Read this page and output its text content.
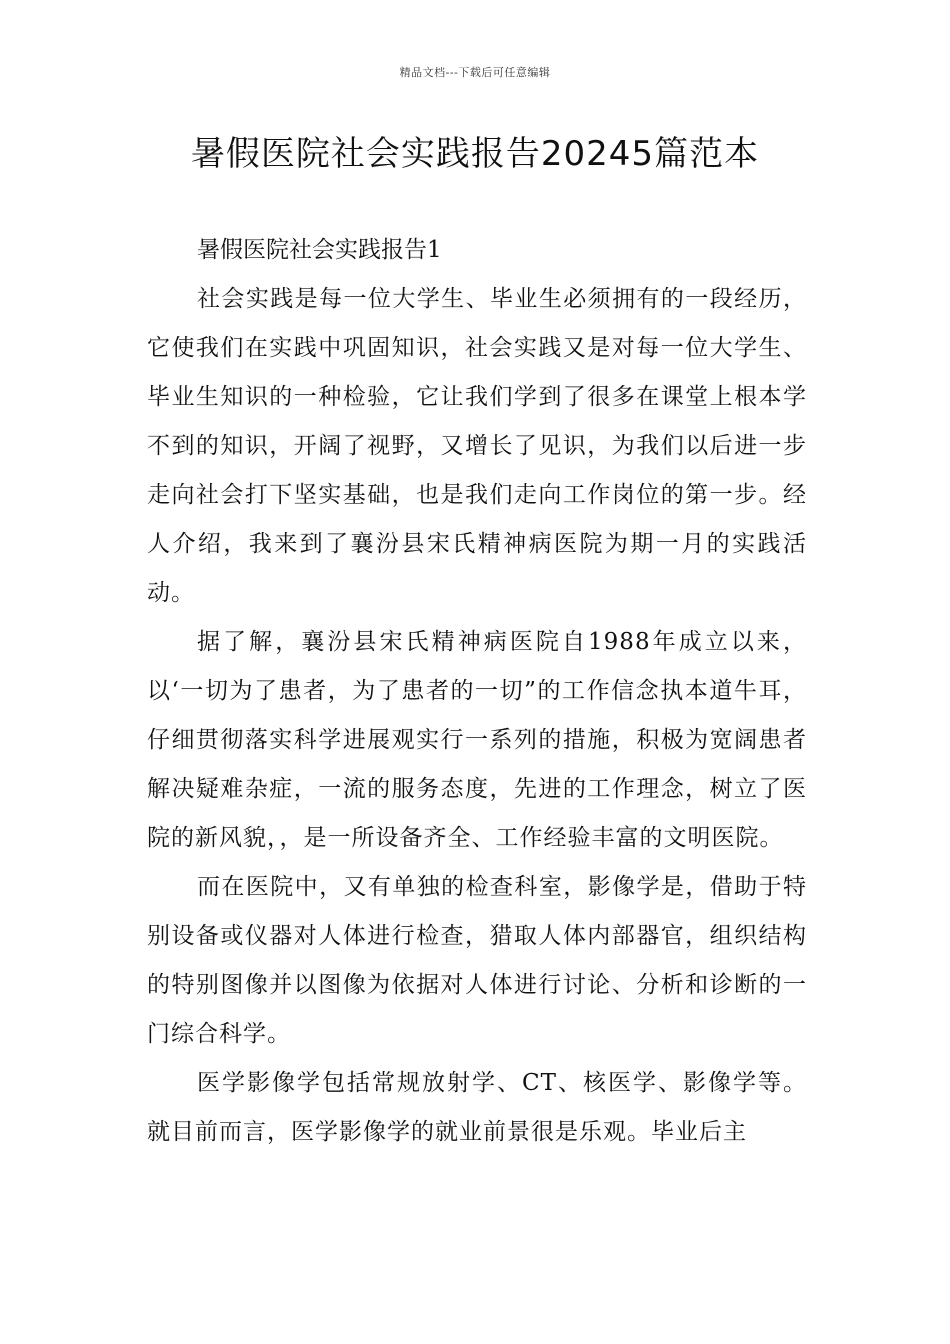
精品文档---下载后可任意编辑
暑假医院社会实践报告20245篇范本

暑假医院社会实践报告1

社会实践是每一位大学生、毕业生必须拥有的一段经历，它使我们在实践中巩固知识，社会实践又是对每一位大学生、毕业生知识的一种检验，它让我们学到了很多在课堂上根本学不到的知识，开阔了视野，又增长了见识，为我们以后进一步走向社会打下坚实基础，也是我们走向工作岗位的第一步。经人介绍，我来到了襄汾县宋氏精神病医院为期一月的实践活动。

据了解，襄汾县宋氏精神病医院自1988年成立以来，以‘一切为了患者，为了患者的一切”的工作信念执本道牛耳，仔细贯彻落实科学进展观实行一系列的措施，积极为宽阔患者解决疑难杂症，一流的服务态度，先进的工作理念，树立了医院的新风貌，，是一所设备齐全、工作经验丰富的文明医院。

而在医院中，又有单独的检查科室，影像学是，借助于特别设备或仪器对人体进行检查，猎取人体内部器官，组织结构的特别图像并以图像为依据对人体进行讨论、分析和诊断的一门综合科学。

医学影像学包括常规放射学、CT、核医学、影像学等。就目前而言，医学影像学的就业前景很是乐观。毕业后主
